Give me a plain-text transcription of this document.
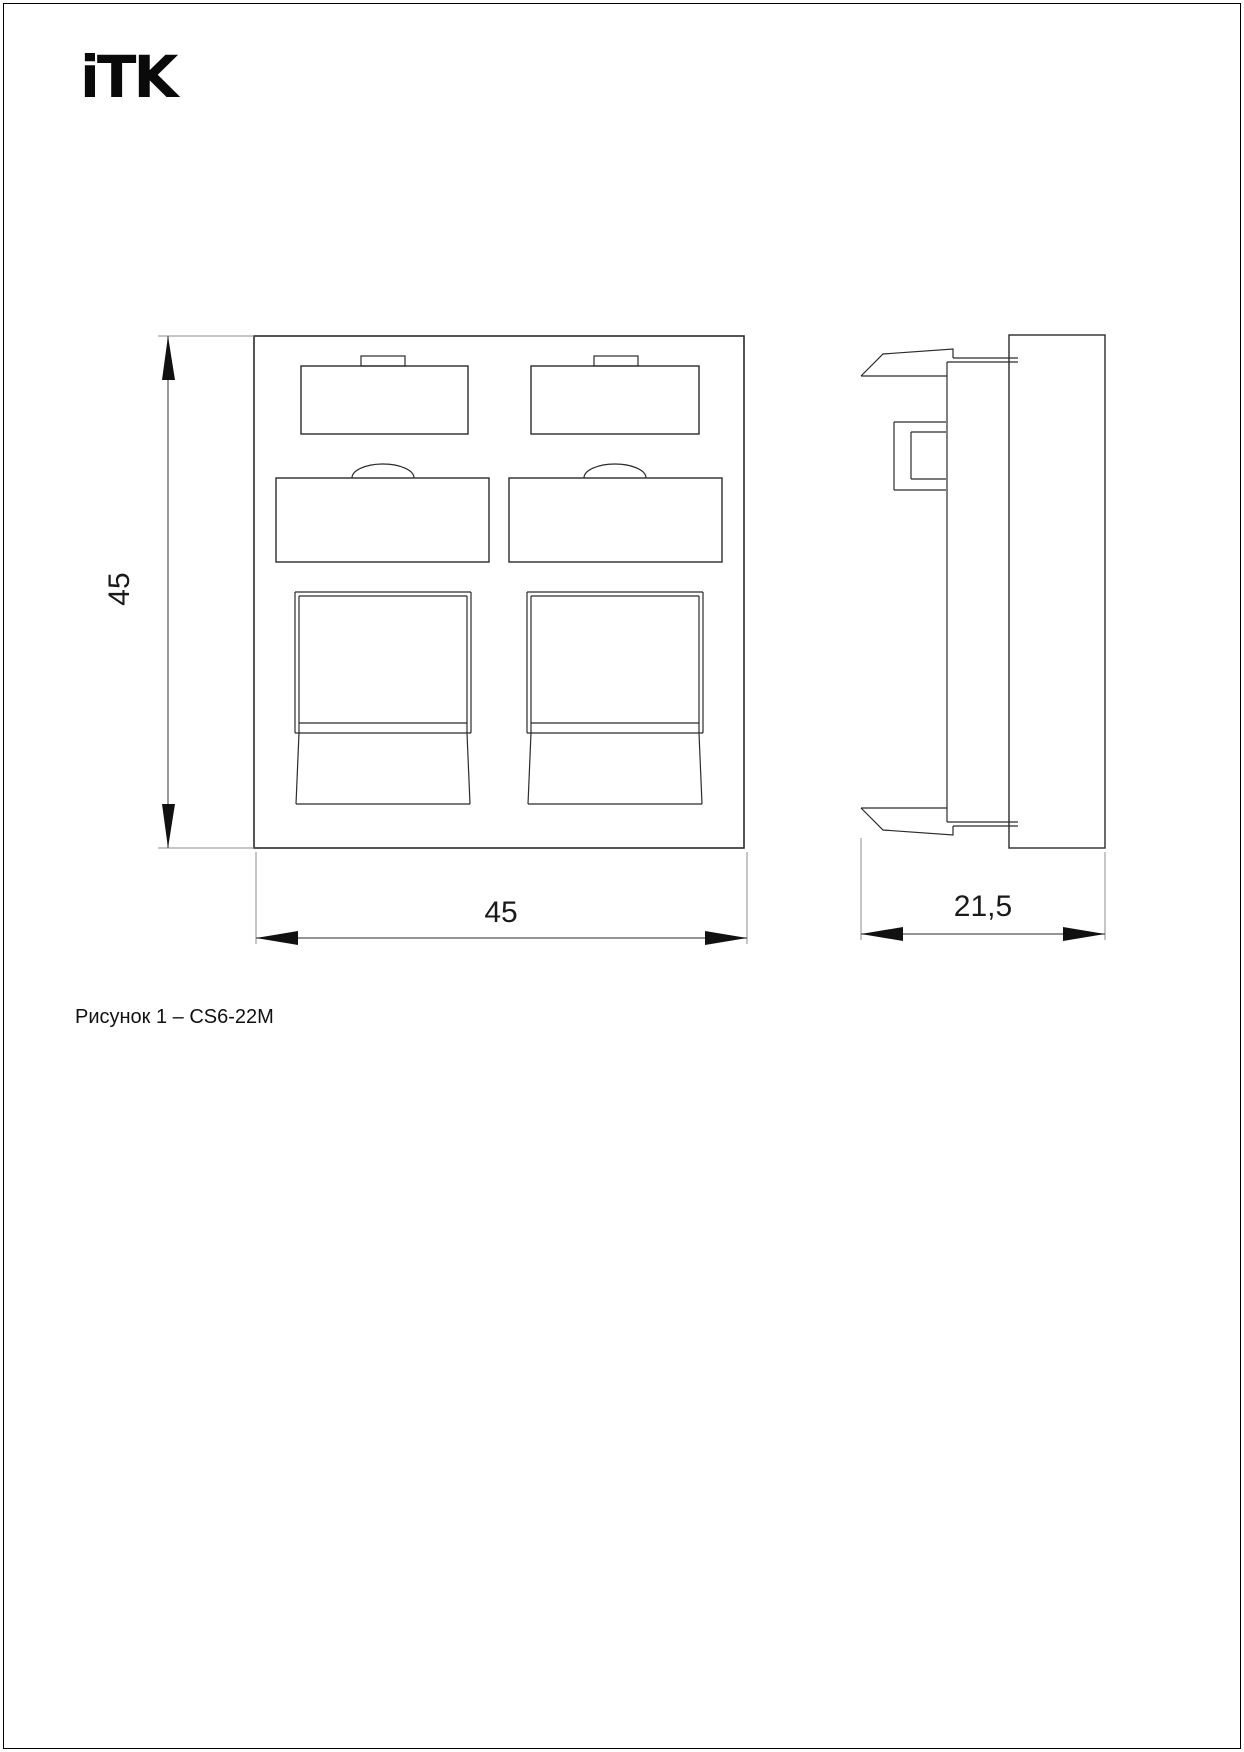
iTK
45
45	21,5
Рисунок 1 – CS6-22M
